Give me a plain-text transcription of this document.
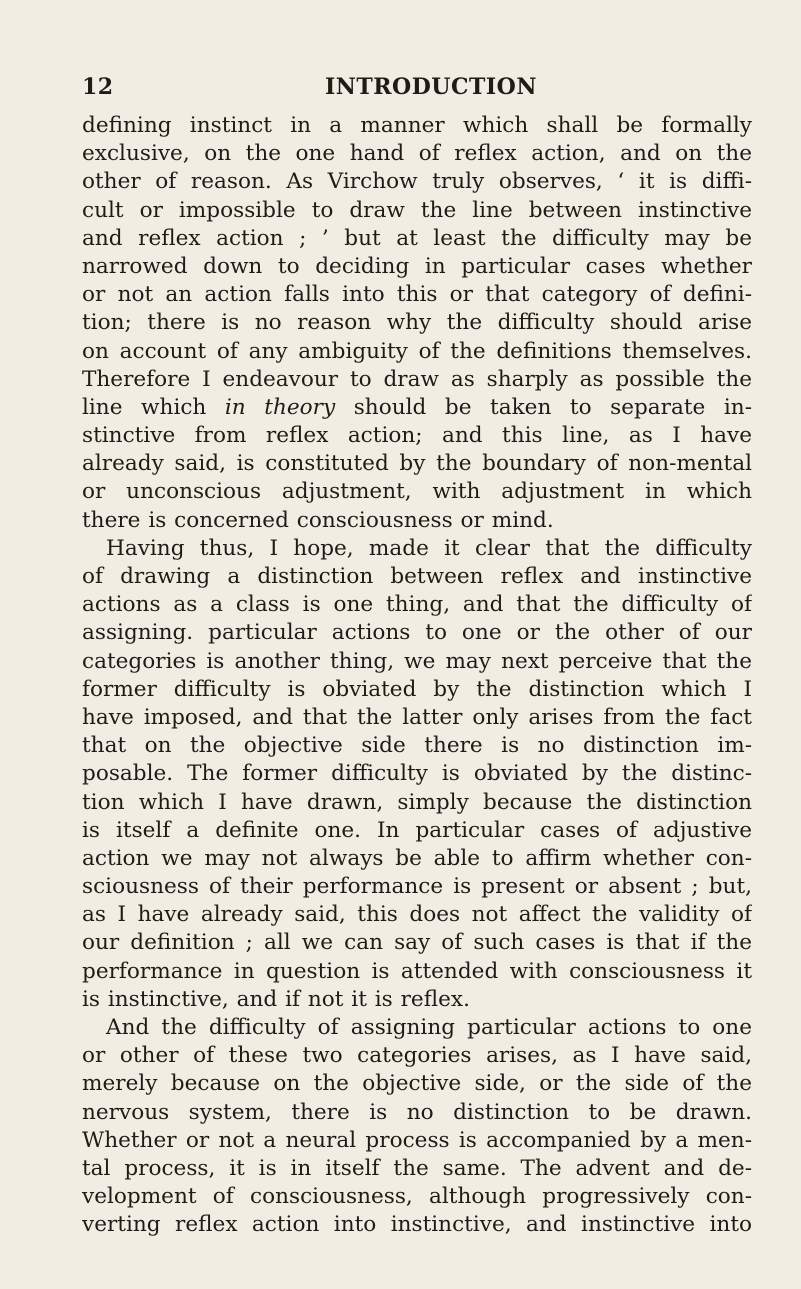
12	INTRODUCTION
defining instinct in a manner which shall be formally
exclusive, on the one hand of reflex action, and on the
other of reason. As Virchow truly observes, ‘ it is diffi-
cult or impossible to draw the line between instinctive
and reflex action ; ’ but at least the difficulty may be
narrowed down to deciding in particular cases whether
or not an action falls into this or that category of defini-
tion; there is no reason why the difficulty should arise
on account of any ambiguity of the definitions themselves.
Therefore I endeavour to draw as sharply as possible the
line which in theory should be taken to separate in-
stinctive from reflex action; and this line, as I have
already said, is constituted by the boundary of non-mental
or unconscious adjustment, with adjustment in which
there is concerned consciousness or mind.
Having thus, I hope, made it clear that the difficulty
of drawing a distinction between reflex and instinctive
actions as a class is one thing, and that the difficulty of
assigning. particular actions to one or the other of our
categories is another thing, we may next perceive that the
former difficulty is obviated by the distinction which I
have imposed, and that the latter only arises from the fact
that on the objective side there is no distinction im-
posable. The former difficulty is obviated by the distinc-
tion which I have drawn, simply because the distinction
is itself a definite one. In particular cases of adjustive
action we may not always be able to affirm whether con-
sciousness of their performance is present or absent ; but,
as I have already said, this does not affect the validity of
our definition ; all we can say of such cases is that if the
performance in question is attended with consciousness it
is instinctive, and if not it is reflex.
And the difficulty of assigning particular actions to one
or other of these two categories arises, as I have said,
merely because on the objective side, or the side of the
nervous system, there is no distinction to be drawn.
Whether or not a neural process is accompanied by a men-
tal process, it is in itself the same. The advent and de-
velopment of consciousness, although progressively con-
verting reflex action into instinctive, and instinctive into
